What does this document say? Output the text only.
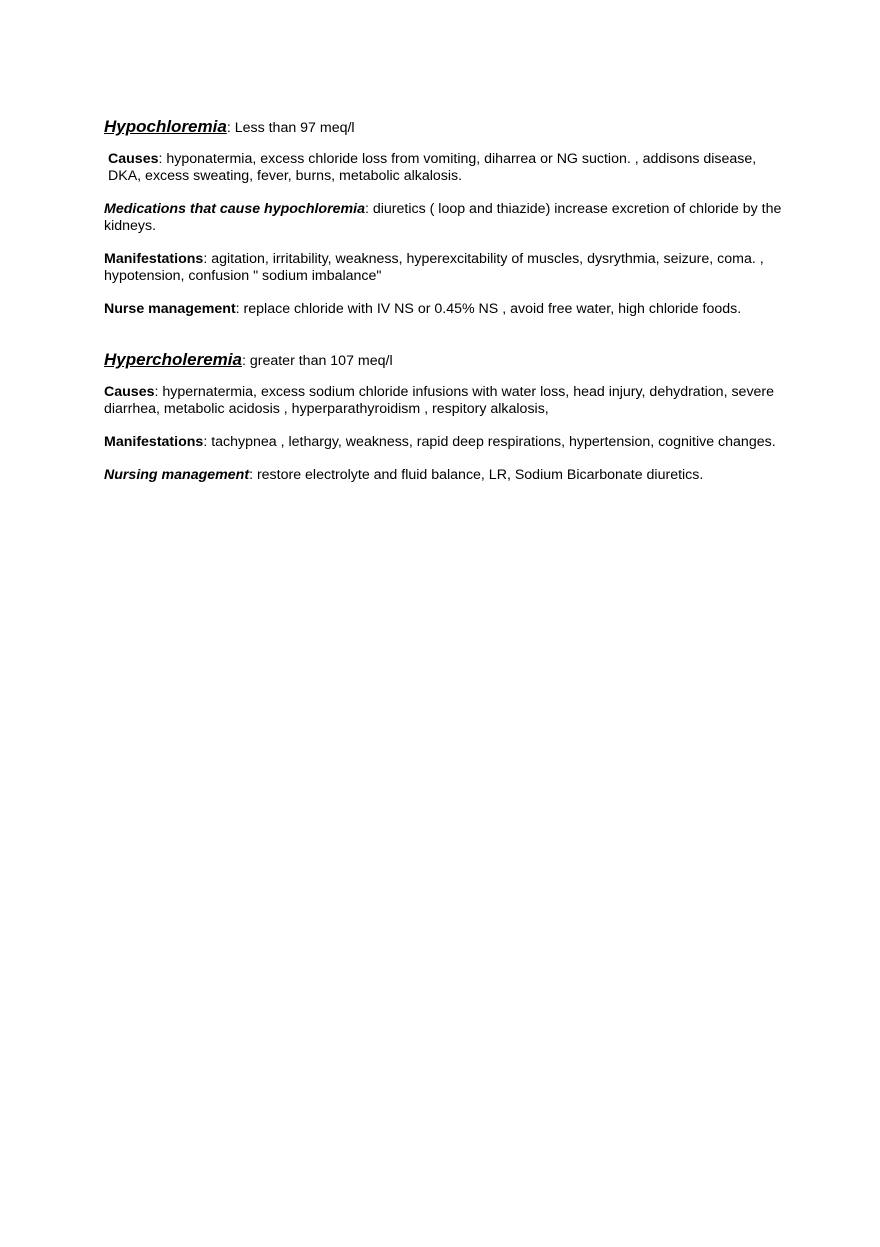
Hypochloremia: Less than 97 meq/l

Causes: hyponatermia, excess chloride loss from vomiting, diharrea or NG suction. , addisons disease, DKA, excess sweating, fever, burns, metabolic alkalosis.

Medications that cause hypochloremia: diuretics ( loop and thiazide) increase excretion of chloride by the kidneys.

Manifestations: agitation, irritability, weakness, hyperexcitability of muscles, dysrythmia, seizure, coma. , hypotension, confusion " sodium imbalance"

Nurse management: replace chloride with IV NS or 0.45% NS , avoid free water, high chloride foods.

Hypercholeremia: greater than 107 meq/l

Causes: hypernatermia, excess sodium chloride infusions with water loss, head injury, dehydration, severe diarrhea, metabolic acidosis , hyperparathyroidism , respitory alkalosis,

Manifestations: tachypnea , lethargy, weakness, rapid deep respirations, hypertension, cognitive changes.

Nursing management: restore electrolyte and fluid balance, LR, Sodium Bicarbonate diuretics.
